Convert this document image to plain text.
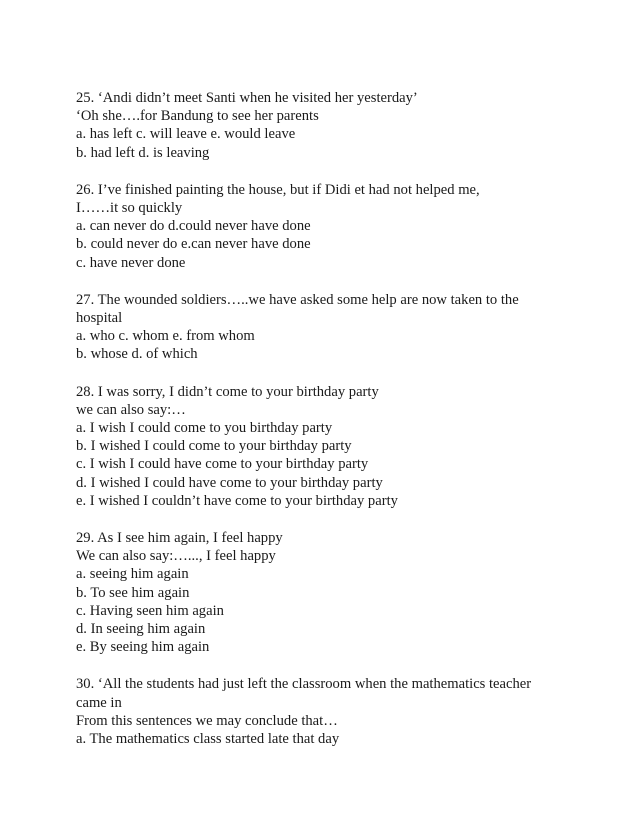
25. ‘Andi didn’t meet Santi when he visited her yesterday’
‘Oh she….for Bandung to see her parents
a. has left c. will leave e. would leave
b. had left d. is leaving
26. I’ve finished painting the house, but if Didi et had not helped me,
I……it so quickly
a. can never do d.could never have done
b. could never do e.can never have done
c. have never done
27. The wounded soldiers…..we have asked some help are now taken to the
hospital
a. who c. whom e. from whom
b. whose d. of which
28. I was sorry, I didn’t come to your birthday party
we can also say:…
a. I wish I could come to you birthday party
b. I wished I could come to your birthday party
c. I wish I could have come to your birthday party
d. I wished I could have come to your birthday party
e. I wished I couldn’t have come to your birthday party
29. As I see him again, I feel happy
We can also say:…..., I feel happy
a. seeing him again
b. To see him again
c. Having seen him again
d. In seeing him again
e. By seeing him again
30. ‘All the students had just left the classroom when the mathematics teacher
came in
From this sentences we may conclude that…
a. The mathematics class started late that day
